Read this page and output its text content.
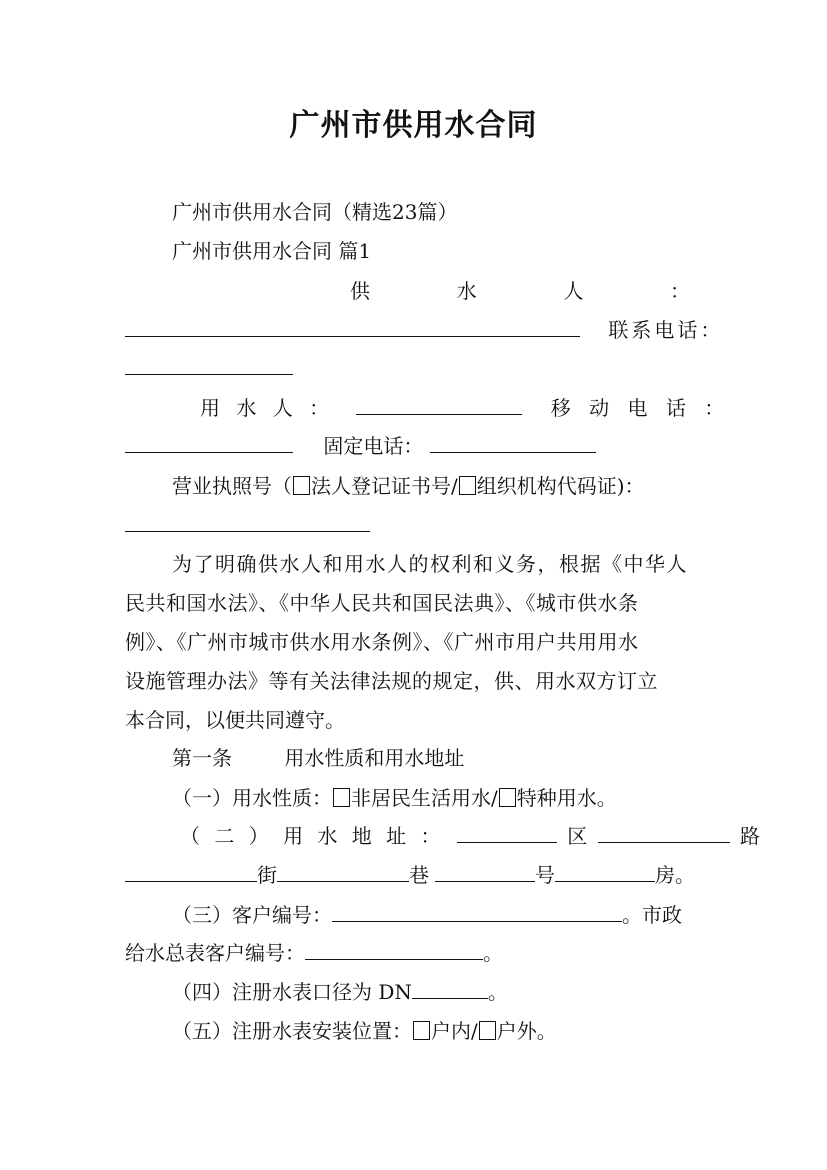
广州市供用水合同
广州市供用水合同（精选23篇）
广州市供用水合同 篇1
供	水	人	：
联系电话：
用 水 人 ：	移 动 电 话 ：
固定电话：
营业执照号（ 法人登记证书号/ 组织机构代码证)：
为了明确供水人和用水人的权利和义务，根据《中华人
民共和国水法》、《中华人民共和国民法典》、《城市供水条
例》、《广州市城市供水用水条例》、《广州市用户共用用水
设施管理办法》等有关法律法规的规定，供、用水双方订立
本合同，以便共同遵守。
第一条	用水性质和用水地址
（一）用水性质： 非居民生活用水/ 特种用水。
（ 二 ） 用 水 地 址 ：	区	路
街	巷	号	房。
（三）客户编号：	。市政
给水总表客户编号：	。
（四）注册水表口径为 DN	。
（五）注册水表安装位置： 户内/ 户外。
